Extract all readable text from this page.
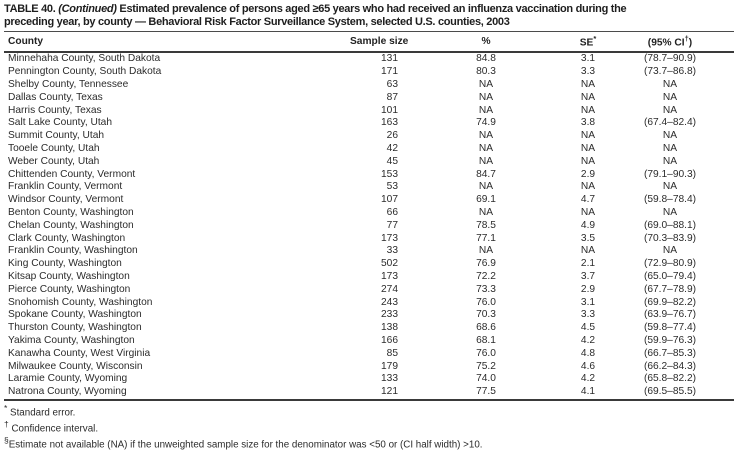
TABLE 40. (Continued) Estimated prevalence of persons aged ≥65 years who had received an influenza vaccination during the
preceding year, by county — Behavioral Risk Factor Surveillance System, selected U.S. counties, 2003
County	Sample size	%	SE*	(95% CI†)
Minnehaha County, South Dakota	131	84.8	3.1	(78.7–90.9)
Pennington County, South Dakota	171	80.3	3.3	(73.7–86.8)
Shelby County, Tennessee	63	NA	NA	NA
Dallas County, Texas	87	NA	NA	NA
Harris County, Texas	101	NA	NA	NA
Salt Lake County, Utah	163	74.9	3.8	(67.4–82.4)
Summit County, Utah	26	NA	NA	NA
Tooele County, Utah	42	NA	NA	NA
Weber County, Utah	45	NA	NA	NA
Chittenden County, Vermont	153	84.7	2.9	(79.1–90.3)
Franklin County, Vermont	53	NA	NA	NA
Windsor County, Vermont	107	69.1	4.7	(59.8–78.4)
Benton County, Washington	66	NA	NA	NA
Chelan County, Washington	77	78.5	4.9	(69.0–88.1)
Clark County, Washington	173	77.1	3.5	(70.3–83.9)
Franklin County, Washington	33	NA	NA	NA
King County, Washington	502	76.9	2.1	(72.9–80.9)
Kitsap County, Washington	173	72.2	3.7	(65.0–79.4)
Pierce County, Washington	274	73.3	2.9	(67.7–78.9)
Snohomish County, Washington	243	76.0	3.1	(69.9–82.2)
Spokane County, Washington	233	70.3	3.3	(63.9–76.7)
Thurston County, Washington	138	68.6	4.5	(59.8–77.4)
Yakima County, Washington	166	68.1	4.2	(59.9–76.3)
Kanawha County, West Virginia	85	76.0	4.8	(66.7–85.3)
Milwaukee County, Wisconsin	179	75.2	4.6	(66.2–84.3)
Laramie County, Wyoming	133	74.0	4.2	(65.8–82.2)
Natrona County, Wyoming	121	77.5	4.1	(69.5–85.5)
* Standard error.
† Confidence interval.
§Estimate not available (NA) if the unweighted sample size for the denominator was <50 or (CI half width) >10.
